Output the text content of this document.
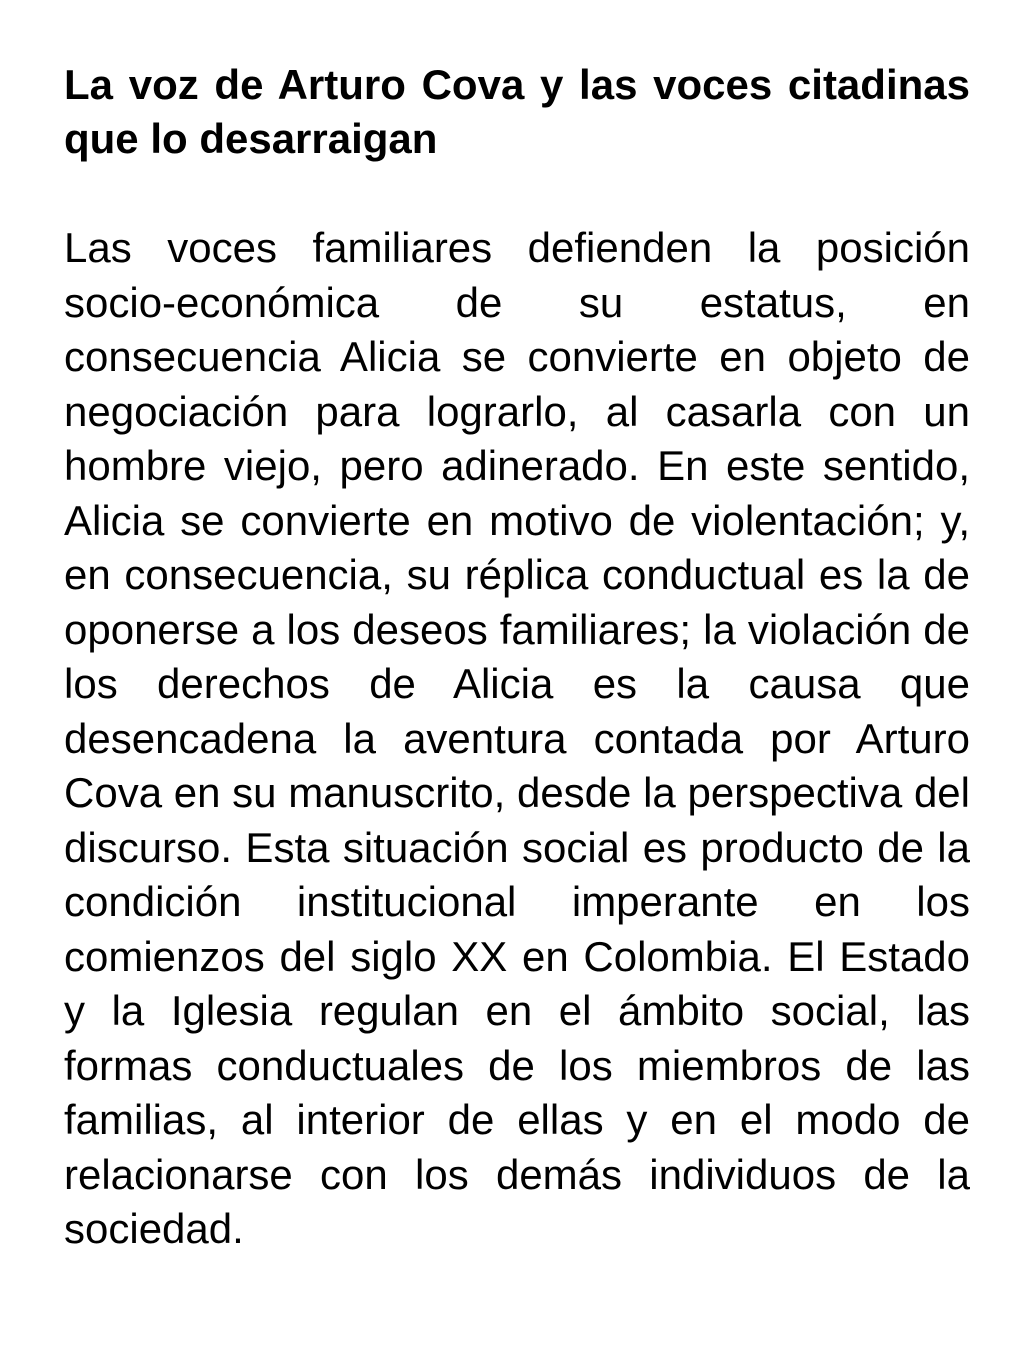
La voz de Arturo Cova y las voces citadinas que lo desarraigan

Las voces familiares defienden la posición socio-económica de su estatus, en consecuencia Alicia se convierte en objeto de negociación para lograrlo, al casarla con un hombre viejo, pero adinerado. En este sentido, Alicia se convierte en motivo de violentación; y, en consecuencia, su réplica conductual es la de oponerse a los deseos familiares; la violación de los derechos de Alicia es la causa que desencadena la aventura contada por Arturo Cova en su manuscrito, desde la perspectiva del discurso. Esta situación social es producto de la condición institucional imperante en los comienzos del siglo XX en Colombia. El Estado y la Iglesia regulan en el ámbito social, las formas conductuales de los miembros de las familias, al interior de ellas y en el modo de relacionarse con los demás individuos de la sociedad.
